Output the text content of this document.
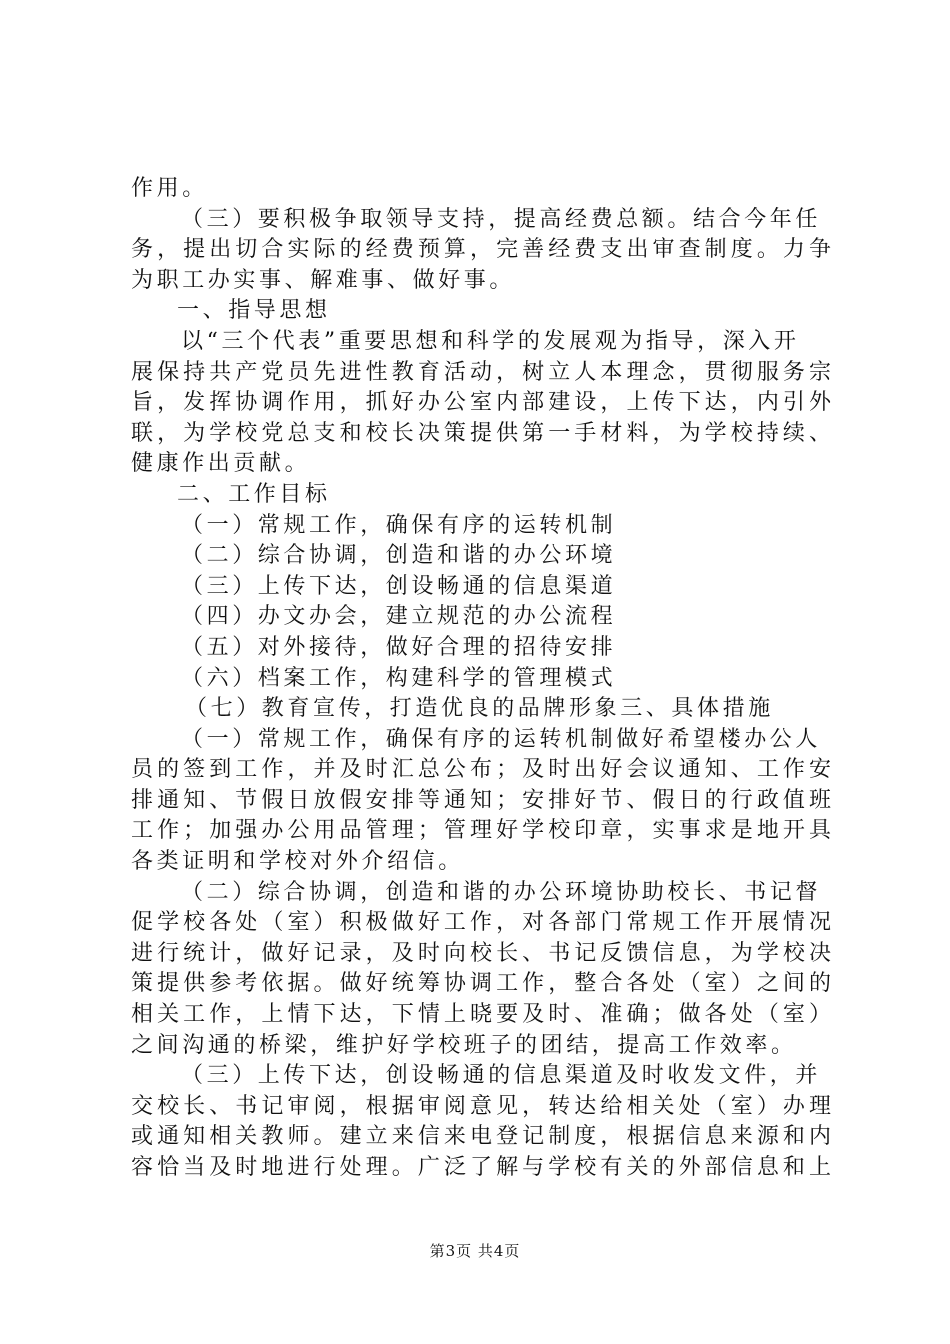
作用。
（三）要积极争取领导支持，提高经费总额。结合今年任
务，提出切合实际的经费预算，完善经费支出审查制度。力争
为职工办实事、解难事、做好事。
一、指导思想
以“三个代表”重要思想和科学的发展观为指导，深入开
展保持共产党员先进性教育活动，树立人本理念，贯彻服务宗
旨，发挥协调作用，抓好办公室内部建设，上传下达，内引外
联，为学校党总支和校长决策提供第一手材料，为学校持续、
健康作出贡献。
二、工作目标
（一）常规工作，确保有序的运转机制
（二）综合协调，创造和谐的办公环境
（三）上传下达，创设畅通的信息渠道
（四）办文办会，建立规范的办公流程
（五）对外接待，做好合理的招待安排
（六）档案工作，构建科学的管理模式
（七）教育宣传，打造优良的品牌形象三、具体措施
（一）常规工作，确保有序的运转机制做好希望楼办公人
员的签到工作，并及时汇总公布；及时出好会议通知、工作安
排通知、节假日放假安排等通知；安排好节、假日的行政值班
工作；加强办公用品管理；管理好学校印章，实事求是地开具
各类证明和学校对外介绍信。
（二）综合协调，创造和谐的办公环境协助校长、书记督
促学校各处（室）积极做好工作，对各部门常规工作开展情况
进行统计，做好记录，及时向校长、书记反馈信息，为学校决
策提供参考依据。做好统筹协调工作，整合各处（室）之间的
相关工作，上情下达，下情上晓要及时、准确；做各处（室）
之间沟通的桥梁，维护好学校班子的团结，提高工作效率。
（三）上传下达，创设畅通的信息渠道及时收发文件，并
交校长、书记审阅，根据审阅意见，转达给相关处（室）办理
或通知相关教师。建立来信来电登记制度，根据信息来源和内
容恰当及时地进行处理。广泛了解与学校有关的外部信息和上
第3页 共4页
